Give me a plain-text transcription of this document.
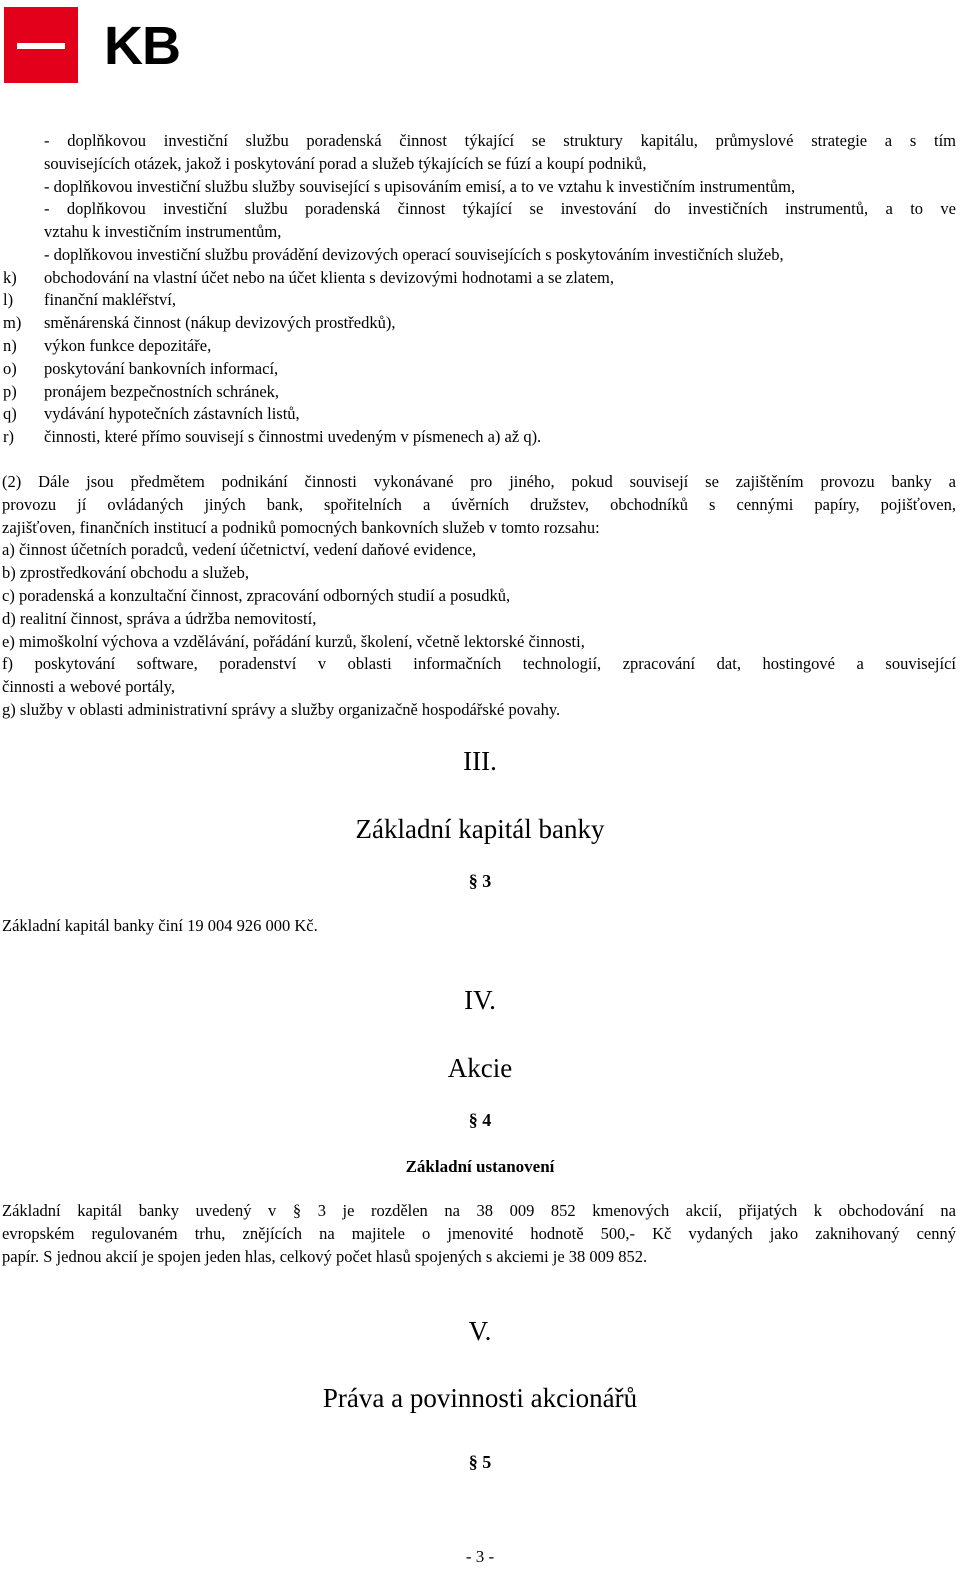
KB
- doplňkovou investiční službu poradenská činnost týkající se struktury kapitálu, průmyslové strategie a s tím
souvisejících otázek, jakož i poskytování porad a služeb týkajících se fúzí a koupí podniků,
- doplňkovou investiční službu služby související s upisováním emisí, a to ve vztahu k investičním instrumentům,
- doplňkovou investiční službu poradenská činnost týkající se investování do investičních instrumentů, a to ve
vztahu k investičním instrumentům,
- doplňkovou investiční službu provádění devizových operací souvisejících s poskytováním investičních služeb,
k) obchodování na vlastní účet nebo na účet klienta s devizovými hodnotami a se zlatem,
l) finanční makléřství,
m) směnárenská činnost (nákup devizových prostředků),
n) výkon funkce depozitáře,
o) poskytování bankovních informací,
p) pronájem bezpečnostních schránek,
q) vydávání hypotečních zástavních listů,
r) činnosti, které přímo souvisejí s činnostmi uvedeným v písmenech a) až q).
(2) Dále jsou předmětem podnikání činnosti vykonávané pro jiného, pokud souvisejí se zajištěním provozu banky a
provozu jí ovládaných jiných bank, spořitelních a úvěrních družstev, obchodníků s cennými papíry, pojišťoven,
zajišťoven, finančních institucí a podniků pomocných bankovních služeb v tomto rozsahu:
a) činnost účetních poradců, vedení účetnictví, vedení daňové evidence,
b) zprostředkování obchodu a služeb,
c) poradenská a konzultační činnost, zpracování odborných studií a posudků,
d) realitní činnost, správa a údržba nemovitostí,
e) mimoškolní výchova a vzdělávání, pořádání kurzů, školení, včetně lektorské činnosti,
f) poskytování software, poradenství v oblasti informačních technologií, zpracování dat, hostingové a související
činnosti a webové portály,
g) služby v oblasti administrativní správy a služby organizačně hospodářské povahy.
III.
Základní kapitál banky
§ 3
Základní kapitál banky činí 19 004 926 000 Kč.
IV.
Akcie
§ 4
Základní ustanovení
Základní kapitál banky uvedený v § 3 je rozdělen na 38 009 852 kmenových akcií, přijatých k obchodování na
evropském regulovaném trhu, znějících na majitele o jmenovité hodnotě 500,- Kč vydaných jako zaknihovaný cenný
papír. S jednou akcií je spojen jeden hlas, celkový počet hlasů spojených s akciemi je 38 009 852.
V.
Práva a povinnosti akcionářů
§ 5
- 3 -
